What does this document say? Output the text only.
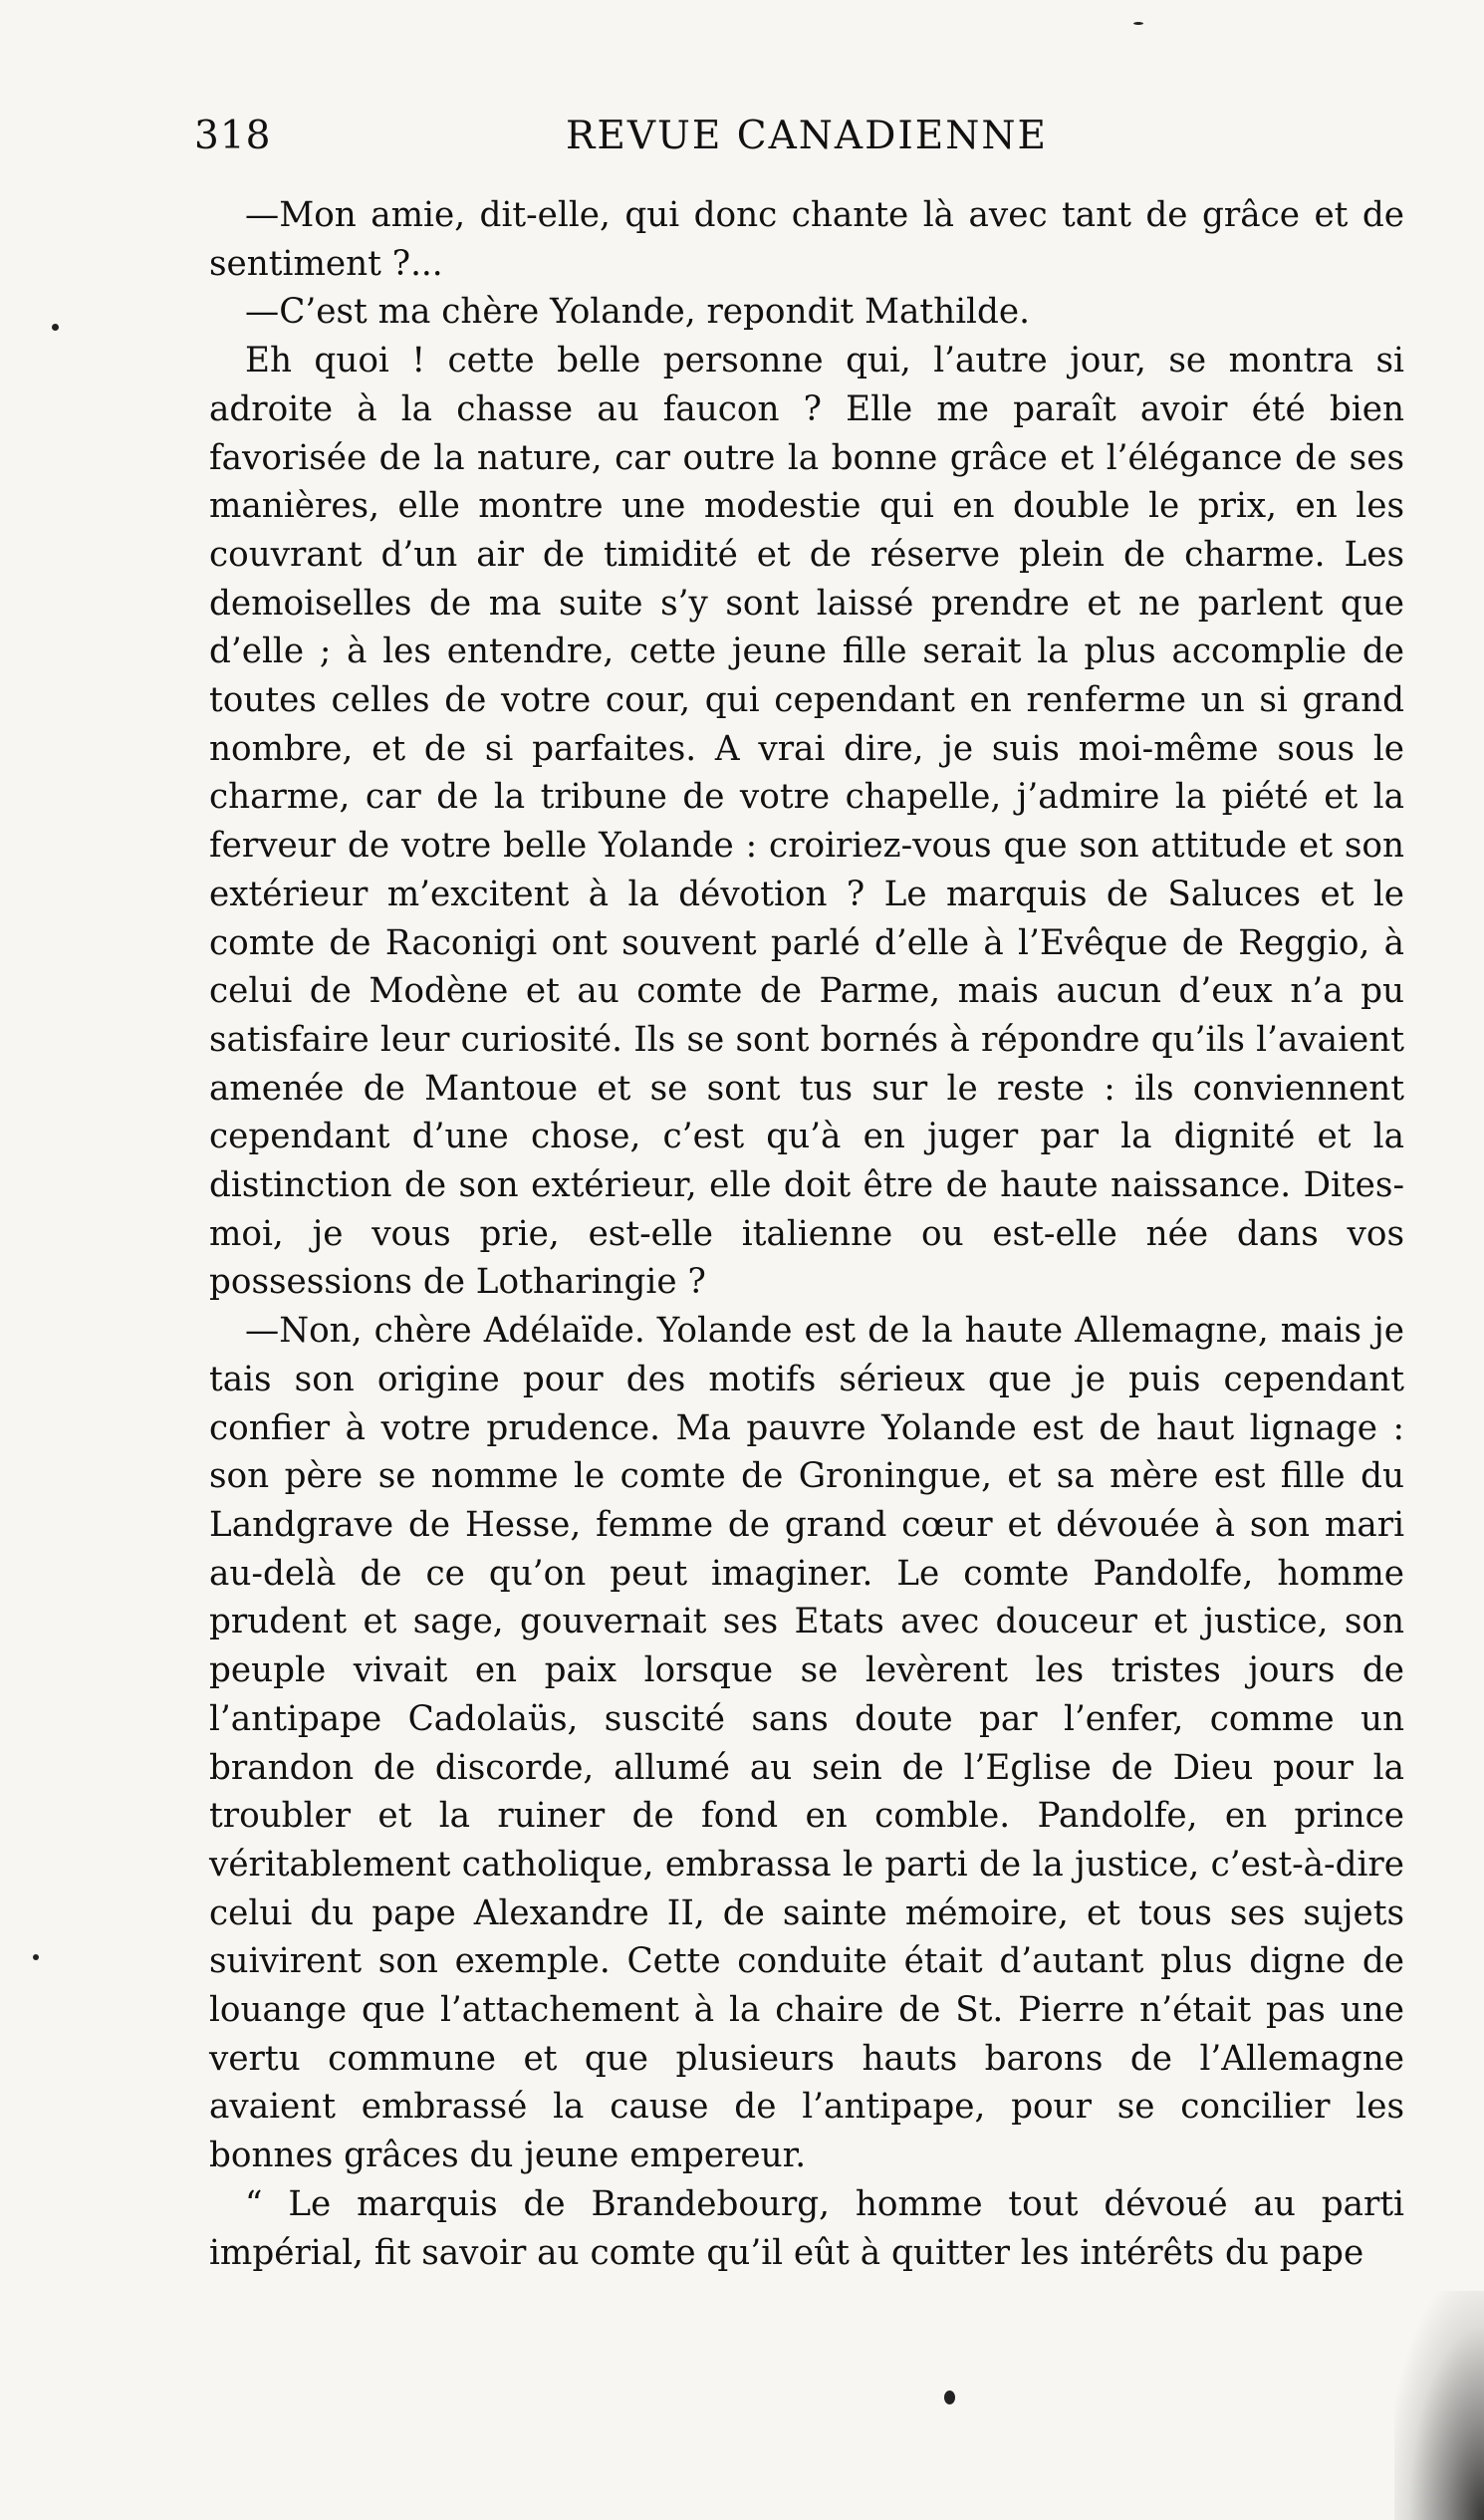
318	REVUE CANADIENNE

—Mon amie, dit-elle, qui donc chante là avec tant de grâce et de sentiment ?...

—C’est ma chère Yolande, repondit Mathilde.

Eh quoi ! cette belle personne qui, l’autre jour, se montra si adroite à la chasse au faucon ? Elle me paraît avoir été bien favorisée de la nature, car outre la bonne grâce et l’élégance de ses manières, elle montre une modestie qui en double le prix, en les couvrant d’un air de timidité et de réserve plein de charme. Les demoiselles de ma suite s’y sont laissé prendre et ne parlent que d’elle ; à les entendre, cette jeune fille serait la plus accomplie de toutes celles de votre cour, qui cependant en renferme un si grand nombre, et de si parfaites. A vrai dire, je suis moi-même sous le charme, car de la tribune de votre chapelle, j’admire la piété et la ferveur de votre belle Yolande : croiriez-vous que son attitude et son extérieur m’excitent à la dévotion ? Le marquis de Saluces et le comte de Raconigi ont souvent parlé d’elle à l’Evêque de Reggio, à celui de Modène et au comte de Parme, mais aucun d’eux n’a pu satisfaire leur curiosité. Ils se sont bornés à répondre qu’ils l’avaient amenée de Mantoue et se sont tus sur le reste : ils conviennent cependant d’une chose, c’est qu’à en juger par la dignité et la distinction de son extérieur, elle doit être de haute naissance. Dites-moi, je vous prie, est-elle italienne ou est-elle née dans vos possessions de Lotharingie ?

—Non, chère Adélaïde. Yolande est de la haute Allemagne, mais je tais son origine pour des motifs sérieux que je puis cependant confier à votre prudence. Ma pauvre Yolande est de haut lignage : son père se nomme le comte de Groningue, et sa mère est fille du Landgrave de Hesse, femme de grand cœur et dévouée à son mari au-delà de ce qu’on peut imaginer. Le comte Pandolfe, homme prudent et sage, gouvernait ses Etats avec douceur et justice, son peuple vivait en paix lorsque se levèrent les tristes jours de l’antipape Cadolaüs, suscité sans doute par l’enfer, comme un brandon de discorde, allumé au sein de l’Eglise de Dieu pour la troubler et la ruiner de fond en comble. Pandolfe, en prince véritablement catholique, embrassa le parti de la justice, c’est-à-dire celui du pape Alexandre II, de sainte mémoire, et tous ses sujets suivirent son exemple. Cette conduite était d’autant plus digne de louange que l’attachement à la chaire de St. Pierre n’était pas une vertu commune et que plusieurs hauts barons de l’Allemagne avaient embrassé la cause de l’antipape, pour se concilier les bonnes grâces du jeune empereur.

“ Le marquis de Brandebourg, homme tout dévoué au parti impérial, fit savoir au comte qu’il eût à quitter les intérêts du pape
